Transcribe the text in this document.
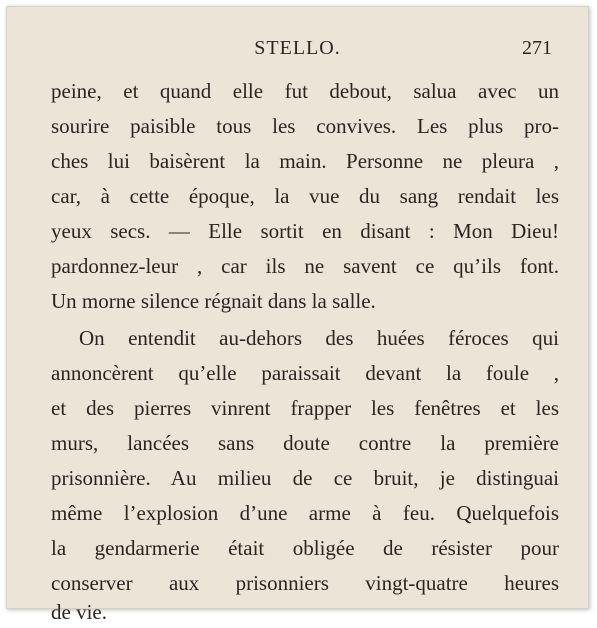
STELLO.	271
peine, et quand elle fut debout, salua avec un
sourire paisible tous les convives. Les plus pro-
ches lui baisèrent la main. Personne ne pleura ,
car, à cette époque, la vue du sang rendait les
yeux secs. — Elle sortit en disant : Mon Dieu!
pardonnez-leur , car ils ne savent ce qu’ils font.
Un morne silence régnait dans la salle.
On entendit au-dehors des huées féroces qui
annoncèrent qu’elle paraissait devant la foule ,
et des pierres vinrent frapper les fenêtres et les
murs, lancées sans doute contre la première
prisonnière. Au milieu de ce bruit, je distinguai
même l’explosion d’une arme à feu. Quelquefois
la gendarmerie était obligée de résister pour
conserver aux prisonniers vingt-quatre heures
de vie.
